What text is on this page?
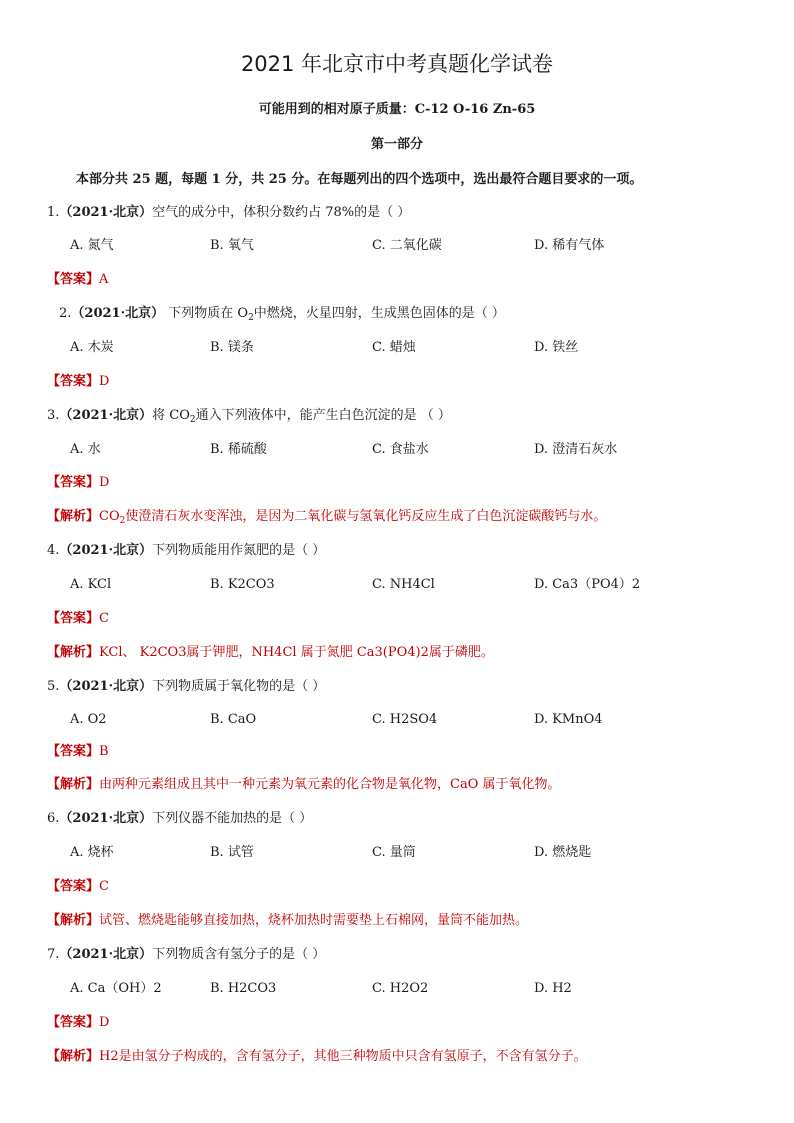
2021 年北京市中考真题化学试卷
可能用到的相对原子质量：C-12 O-16 Zn-65
第一部分
本部分共 25 题，每题 1 分，共 25 分。在每题列出的四个选项中，选出最符合题目要求的一项。
1.（2021·北京）空气的成分中，体积分数约占 78%的是（ ）
A. 氮气	B. 氧气	C. 二氧化碳	D. 稀有气体
【答案】A
2.（2021·北京） 下列物质在 $O_2$中燃烧，火星四射，生成黑色固体的是（ ）
A. 木炭	B. 镁条	C. 蜡烛	D. 铁丝
【答案】D
3.（2021·北京）将 $CO_2$通入下列液体中，能产生白色沉淀的是 （ ）
A. 水	B. 稀硫酸	C. 食盐水	D. 澄清石灰水
【答案】D
【解析】$CO_2$使澄清石灰水变浑浊，是因为二氧化碳与氢氧化钙反应生成了白色沉淀碳酸钙与水。
4.（2021·北京）下列物质能用作氮肥的是（ ）
A. KCl	B. K2CO3	C. NH4Cl	D. Ca3（PO4）2
【答案】C
【解析】KCl、 K2CO3属于钾肥，NH4Cl 属于氮肥 Ca3(PO4)2属于磷肥。
5.（2021·北京）下列物质属于氧化物的是（ ）
A. O2	B. CaO	C. H2SO4	D. KMnO4
【答案】B
【解析】由两种元素组成且其中一种元素为氧元素的化合物是氧化物，CaO 属于氧化物。
6.（2021·北京）下列仪器不能加热的是（ ）
A. 烧杯	B. 试管	C. 量筒	D. 燃烧匙
【答案】C
【解析】试管、燃烧匙能够直接加热，烧杯加热时需要垫上石棉网，量筒不能加热。
7.（2021·北京）下列物质含有氢分子的是（ ）
A. Ca（OH）2	B. H2CO3	C. H2O2	D. H2
【答案】D
【解析】H2是由氢分子构成的，含有氢分子，其他三种物质中只含有氢原子，不含有氢分子。
